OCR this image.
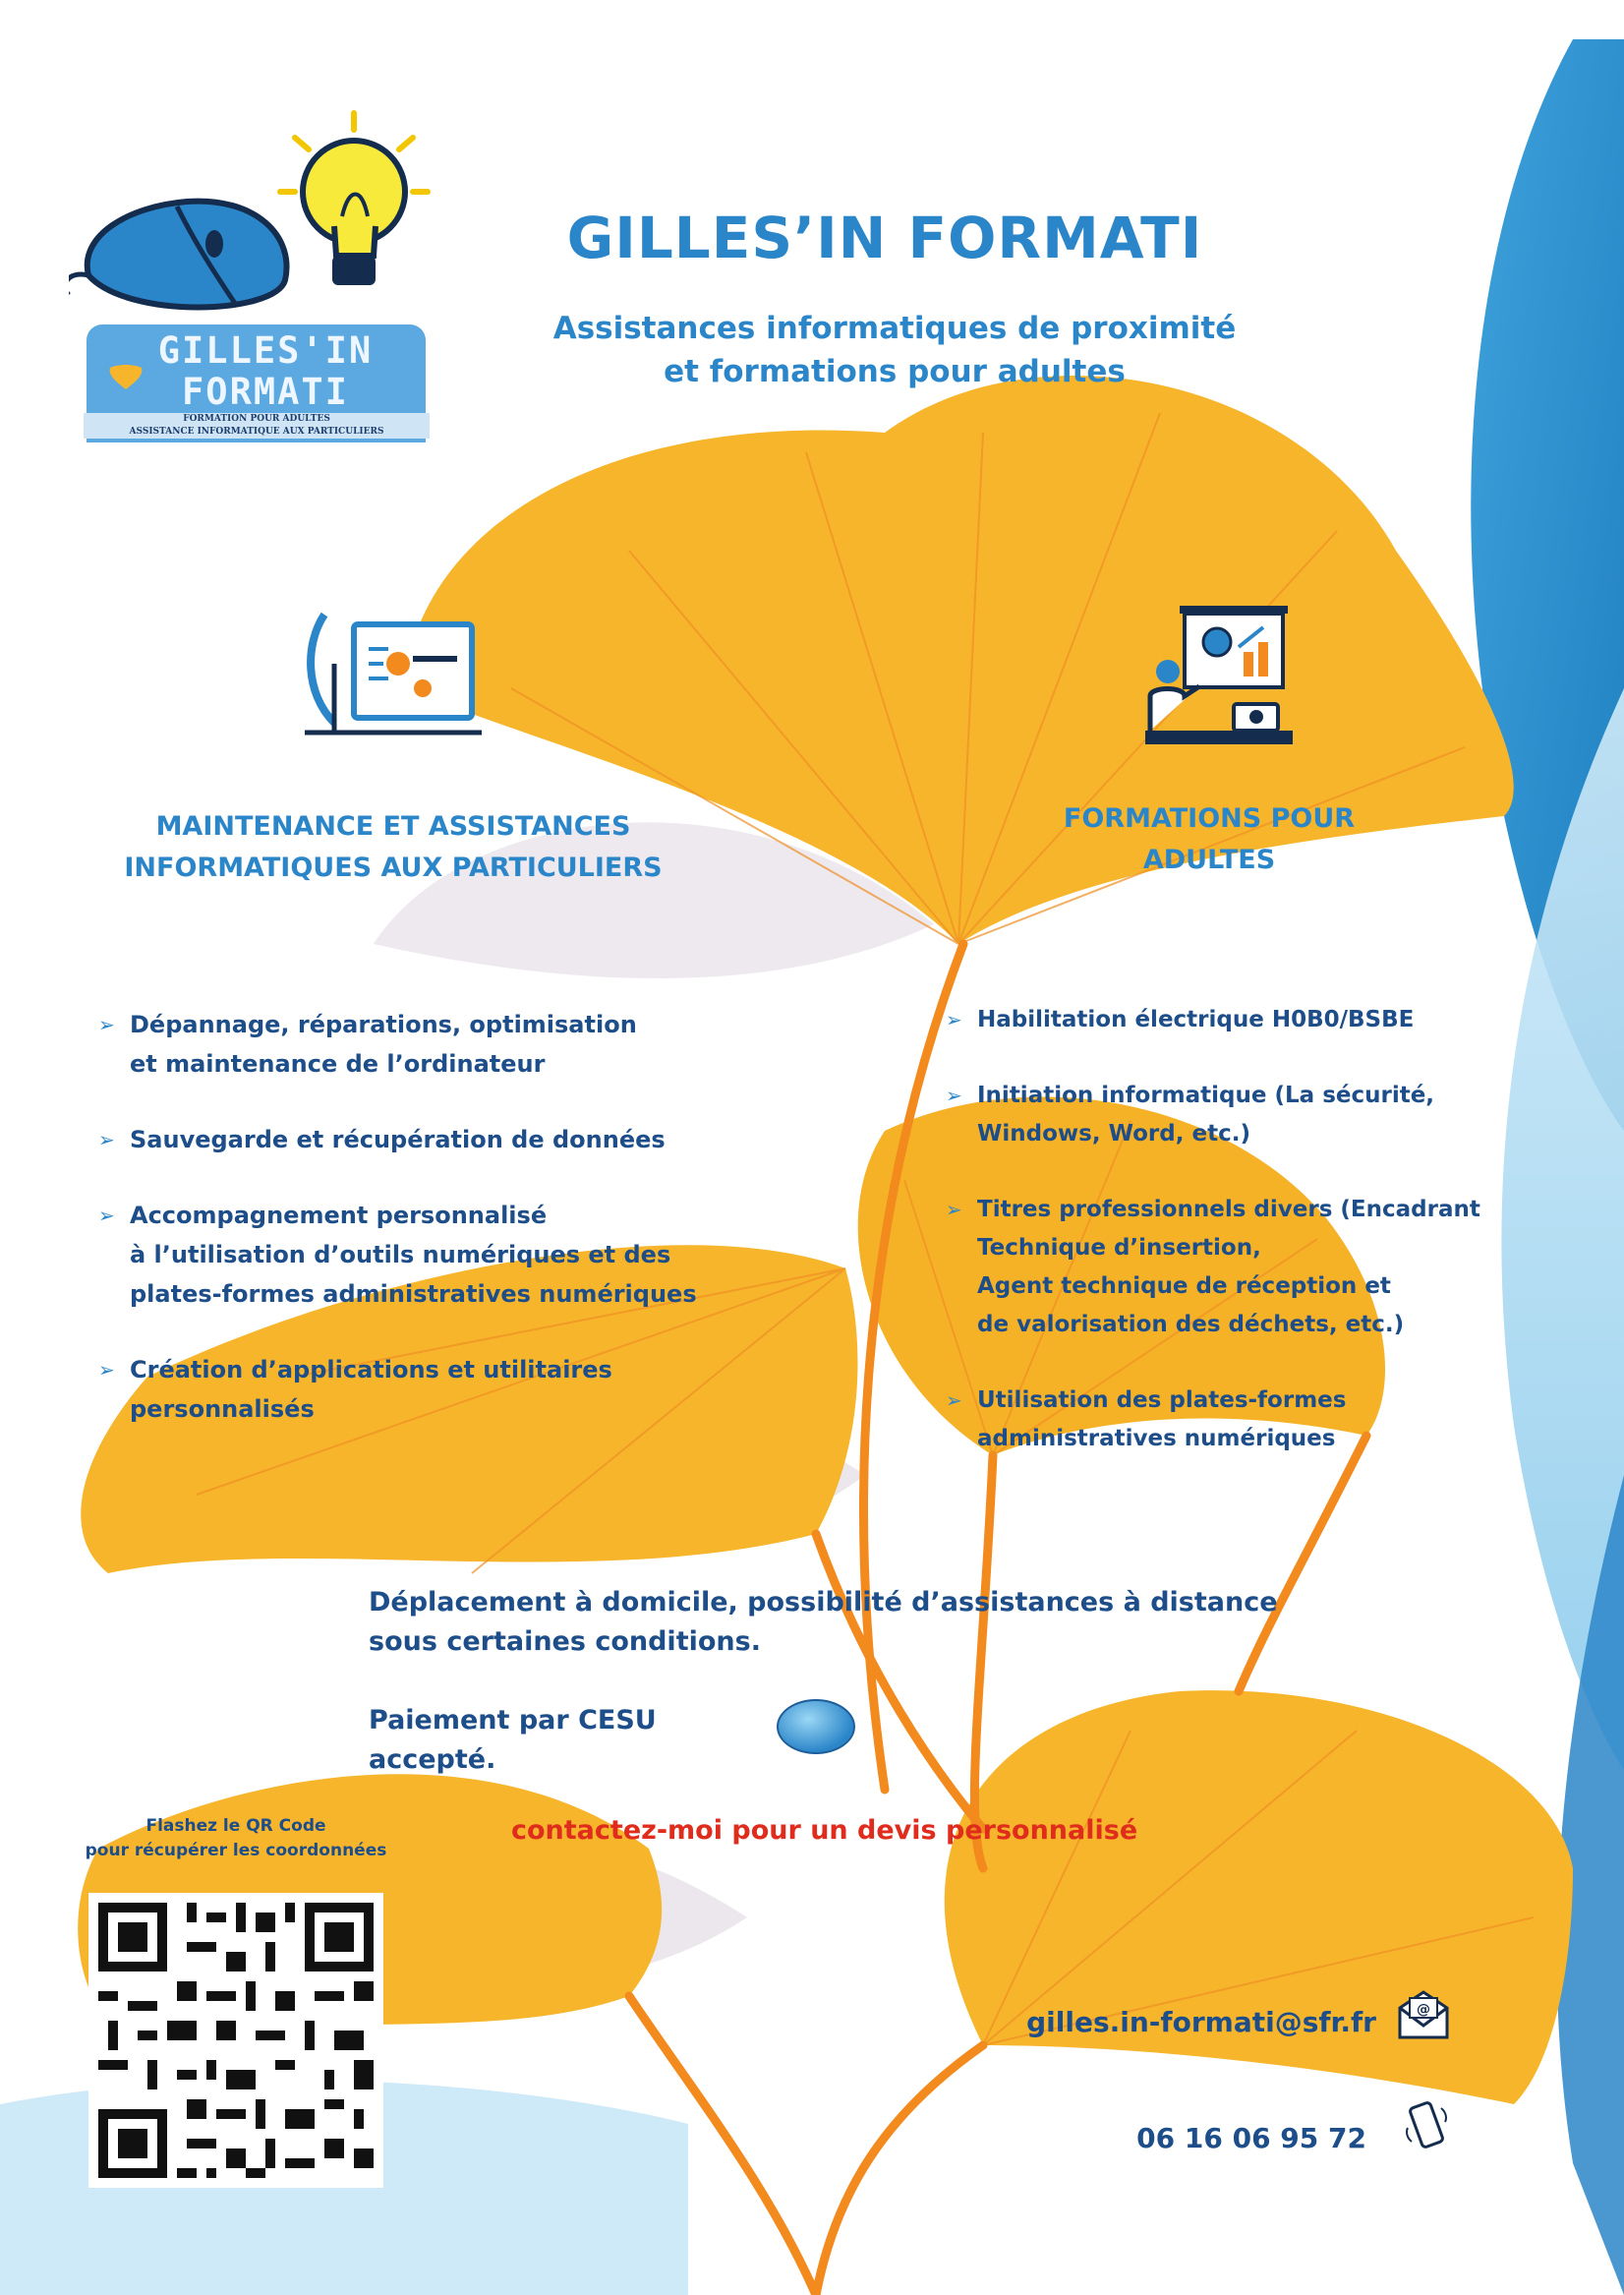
GILLES'IN
FORMATI
FORMATION POUR ADULTES
ASSISTANCE INFORMATIQUE AUX PARTICULIERS
GILLES’IN FORMATI
Assistances informatiques de proximité
et formations pour adultes
MAINTENANCE ET ASSISTANCES
INFORMATIQUES AUX PARTICULIERS
FORMATIONS POUR
ADULTES
➢ Dépannage, réparations, optimisation
et maintenance de l’ordinateur
➢ Sauvegarde et récupération de données
➢ Accompagnement personnalisé
à l’utilisation d’outils numériques et des
plates-formes administratives numériques
➢ Création d’applications et utilitaires
personnalisés
➢ Habilitation électrique H0B0/BSBE
➢ Initiation informatique (La sécurité,
Windows, Word, etc.)
➢ Titres professionnels divers (Encadrant
Technique d’insertion,
Agent technique de réception et
de valorisation des déchets, etc.)
➢ Utilisation des plates-formes
administratives numériques
Déplacement à domicile, possibilité d’assistances à distance
sous certaines conditions.
Paiement par CESU accepté.
contactez-moi pour un devis personnalisé
Flashez le QR Code
pour récupérer les coordonnées
gilles.in-formati@sfr.fr	@
06 16 06 95 72
